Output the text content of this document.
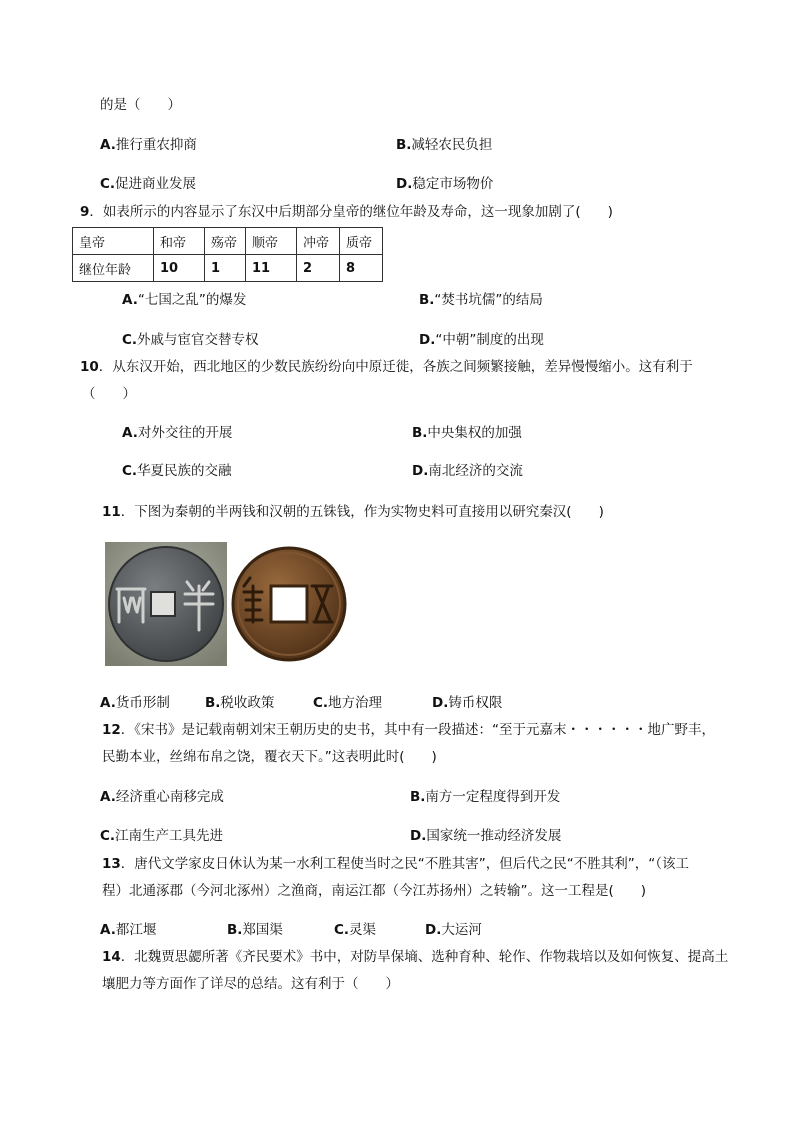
的是（　　）
A.推行重农抑商	B.减轻农民负担
C.促进商业发展	D.稳定市场物价
9．如表所示的内容显示了东汉中后期部分皇帝的继位年龄及寿命，这一现象加剧了(　　)
皇帝	和帝	殇帝	顺帝	冲帝	质帝
继位年龄	10	1	11	2	8
A.“七国之乱”的爆发	B.“焚书坑儒”的结局
C.外戚与宦官交替专权	D.“中朝”制度的出现
10．从东汉开始，西北地区的少数民族纷纷向中原迁徙，各族之间频繁接触，差异慢慢缩小。这有利于
（　　）
A.对外交往的开展	B.中央集权的加强
C.华夏民族的交融	D.南北经济的交流
11．下图为秦朝的半两钱和汉朝的五铢钱，作为实物史料可直接用以研究秦汉(　　)
A.货币形制	B.税收政策	C.地方治理	D.铸币权限
12．《宋书》是记载南朝刘宋王朝历史的史书，其中有一段描述：“至于元嘉末・・・・・・地广野丰，
民勤本业，丝绵布帛之饶，覆衣天下。”这表明此时(　　)
A.经济重心南移完成	B.南方一定程度得到开发
C.江南生产工具先进	D.国家统一推动经济发展
13．唐代文学家皮日休认为某一水利工程使当时之民“不胜其害”，但后代之民“不胜其利”，“（该工
程）北通涿郡（今河北涿州）之渔商，南运江都（今江苏扬州）之转输”。这一工程是(　　)
A.都江堰	B.郑国渠	C.灵渠	D.大运河
14．北魏贾思勰所著《齐民要术》书中，对防旱保墒、选种育种、轮作、作物栽培以及如何恢复、提高土
壤肥力等方面作了详尽的总结。这有利于（　　）
